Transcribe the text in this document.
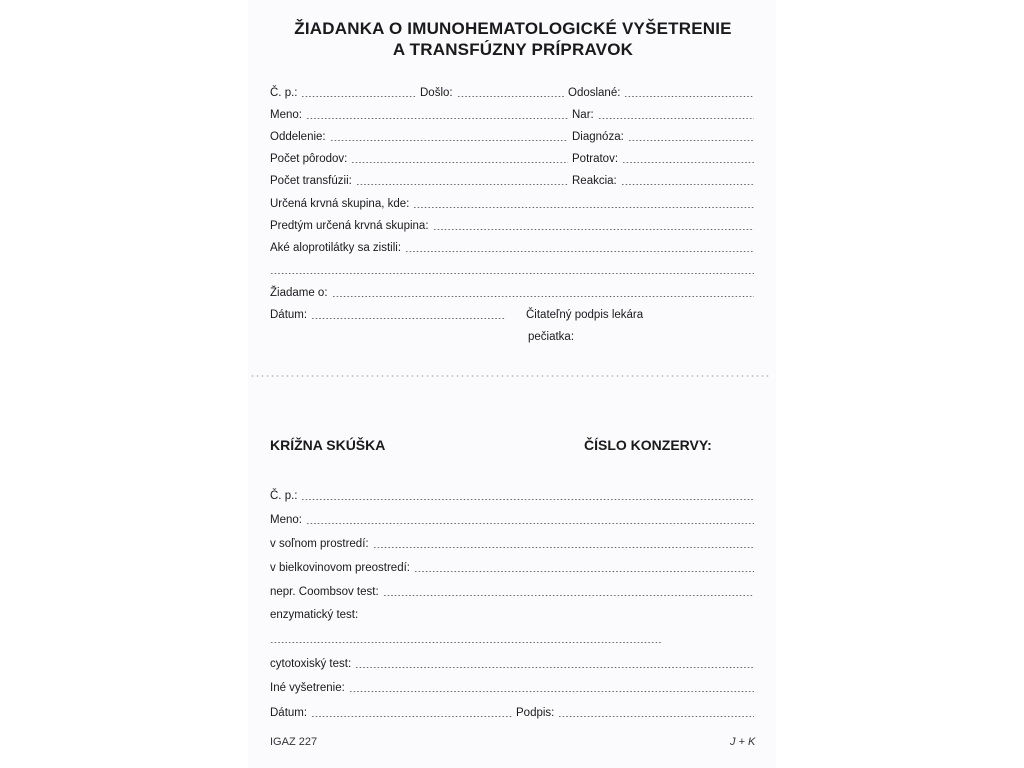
ŽIADANKA O IMUNOHEMATOLOGICKÉ VYŠETRENIE
A TRANSFÚZNY PRÍPRAVOK
Č. p.:	Došlo:	Odoslané:
Meno:	Nar:
Oddelenie:	Diagnóza:
Počet pôrodov:	Potratov:
Počet transfúzii:	Reakcia:
Určená krvná skupina, kde:
Predtým určená krvná skupina:
Aké aloprotilátky sa zistili:
Žiadame o:
Dátum:	Čitateľný podpis lekára
pečiatka:
KRÍŽNA SKÚŠKA	ČÍSLO KONZERVY:
Č. p.:
Meno:
v soľnom prostredí:
v bielkovinovom preostredí:
nepr. Coombsov test:
enzymatický test:
cytotoxiský test:
Iné vyšetrenie:
Dátum:	Podpis:
IGAZ 227	J + K
